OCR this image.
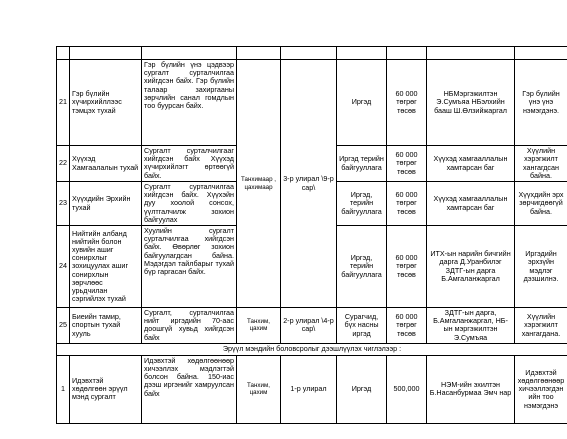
21	Гэр бүлийн хүчирхийллээс тэмцэх тухай	Гэр бүлийн үнэ цэдвээр сургалт сурталчилгаа хийгдсэн байх. Гэр бүлийн талаар захиргааны зөрчлийн санал гомдлын тоо буурсан байх.	Танхимаар , цахимаар	3-р улирал \9-р сар\	Иргэд	60 000 төгрөг төсөв	НБМэргэжилтэн Э.Сумъяа НБэлхийн бааш Ш.Өлзийжаргал	Гэр бүлийн үнэ үнэ нэмэгдэнэ.
22	Хүүхэд Хамгаалалын тухай	Сургалт сурталчилгааг хийгдсэн байх Хүүхэд хүчирхийлэгт өртөөгүй байх.			Иргэд терийн байгууллага	60 000 төгрөг төсөв	Хүүхэд хамгааллалын хамтарсан баг	Хүүлийн хэрэгжилт хангагдсан байна.
23	Хүүхдийн Эрхийн тухай	Сургалт сурталчилгаа хийгдсэн байх. Хүүхэйн дуу хоолой сонсох, үүлтгалчилж зохион байгуулах			Иргэд, терийн байгууллага	60 000 төгрөг төсөв	Хүүхэд хамгааллалын хамтарсан баг	Хүүхдийн эрх зөрчигдөөгүй байна.
24	Нийтийн албанд нийтийн болон хувийн ашиг сонирхлыг зохицуулах ашиг сонирхлын зөрчлөөс урьдчилан сэргийлэх тухай	Хуулийн сургалт сурталчилгаа хийгдсэн байх. Өвөрлөг зохион байгуулагдсан байна. Мэдэгдэл тайлбарыг тухай бүр гаргасан байх.			Иргэд, терийн байгууллага	60 000 төгрөг төсөв	ИТХ-ын нарийн бичгийн дарга Д.Уранбилэг ЗДТГ-ын дарга Б.Амгаланжаргал	Иргэдийн эрхзүйн мэдлэг дэзшилнэ.
25	Биеийн тамир, спортын тухай хууль	Сургалт, сурталчилгаа нийт иргэдийн 70-аас доошгүй хувьд хийгдсэн байх	Танхим, цахим	2-р улирал \4-р сар\	Сурагчид, бүх насны иргэд	60 000 төгрөг төсөв	ЗДТГ-ын дарга, Б.Амгаланжаргал, НБ-ын мэргэжилтэн Э.Сумъяа	Хүүлийн хэрэгжилт хангагдана.
Эрүүл мэндийн боловсролыг дээшлүүлэх чиглэлээр :								
1	Идэвхтэй хөдөлгөөн эрүүл мэнд сургалт	Идэвхтэй хөдөлгөөнөөр хичээллэх мэдлэгтэй болсон байна. 150-иас дээш иргэнийг хамруулсан байх	Танхим, цахим	1-р улирал	Иргэд	500,000	НЭМ-ийн эхилтэн Б.Насанбурмаа Эмч нар	Идэвхтэй хөдөлгөөнөөр хичээллэгдэн ийн тоо нэмэгдэнэ
